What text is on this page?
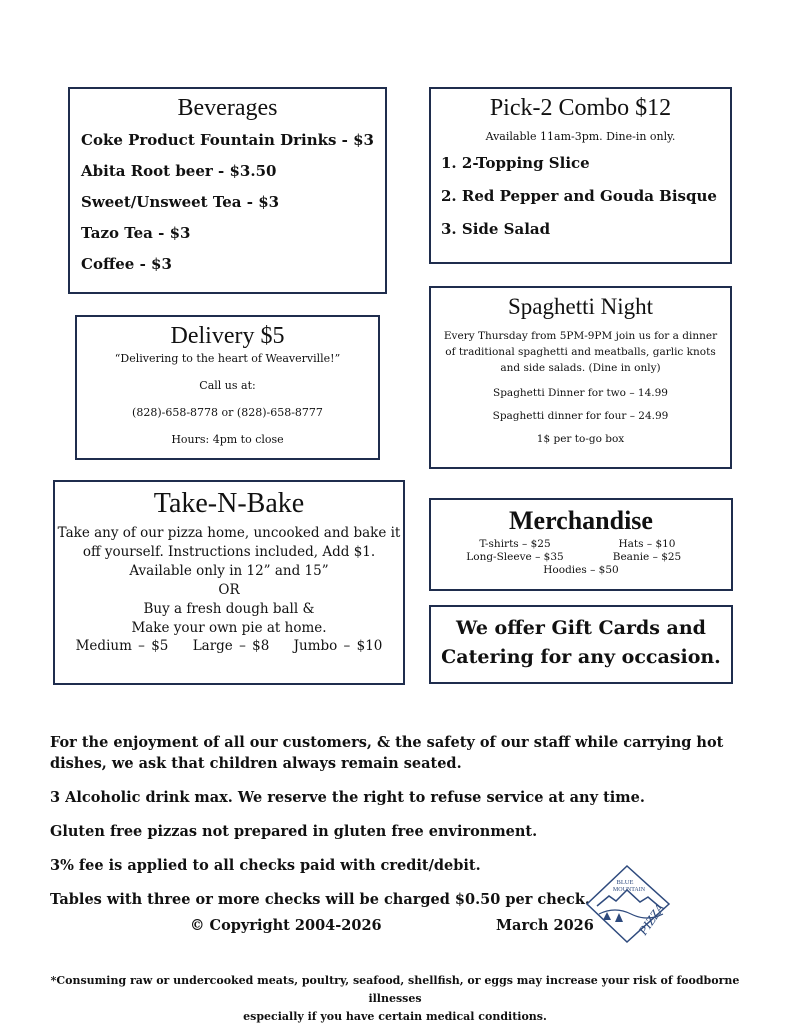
Beverages
Coke Product Fountain Drinks - $3
Abita Root beer - $3.50
Sweet/Unsweet Tea - $3
Tazo Tea - $3
Coffee - $3
Pick-2 Combo $12
Available 11am-3pm. Dine-in only.
1. 2-Topping Slice
2. Red Pepper and Gouda Bisque
3. Side Salad
Delivery $5
“Delivering to the heart of Weaverville!”
Call us at:
(828)-658-8778 or (828)-658-8777
Hours: 4pm to close
Spaghetti Night
Every Thursday from 5PM-9PM join us for a dinner of traditional spaghetti and meatballs, garlic knots and side salads. (Dine in only)
Spaghetti Dinner for two – 14.99
Spaghetti dinner for four – 24.99
1$ per to-go box
Take-N-Bake
Take any of our pizza home, uncooked and bake it
off yourself. Instructions included, Add $1.
Available only in 12” and 15”
OR
Buy a fresh dough ball &
Make your own pie at home.
Medium – $5 Large – $8 Jumbo – $10
Merchandise
T-shirts – $25	Hats – $10
Long-Sleeve – $35	Beanie – $25
Hoodies – $50
We offer Gift Cards and
Catering for any occasion.

For the enjoyment of all our customers, & the safety of our staff while carrying hot dishes, we ask that children always remain seated.

3 Alcoholic drink max. We reserve the right to refuse service at any time.

Gluten free pizzas not prepared in gluten free environment.

3% fee is applied to all checks paid with credit/debit.

Tables with three or more checks will be charged $0.50 per check.

© Copyright 2004-2026	March 2026
BLUE
MOUNTAIN
PIZZA
*Consuming raw or undercooked meats, poultry, seafood, shellfish, or eggs may increase your risk of foodborne illnesses
especially if you have certain medical conditions.
